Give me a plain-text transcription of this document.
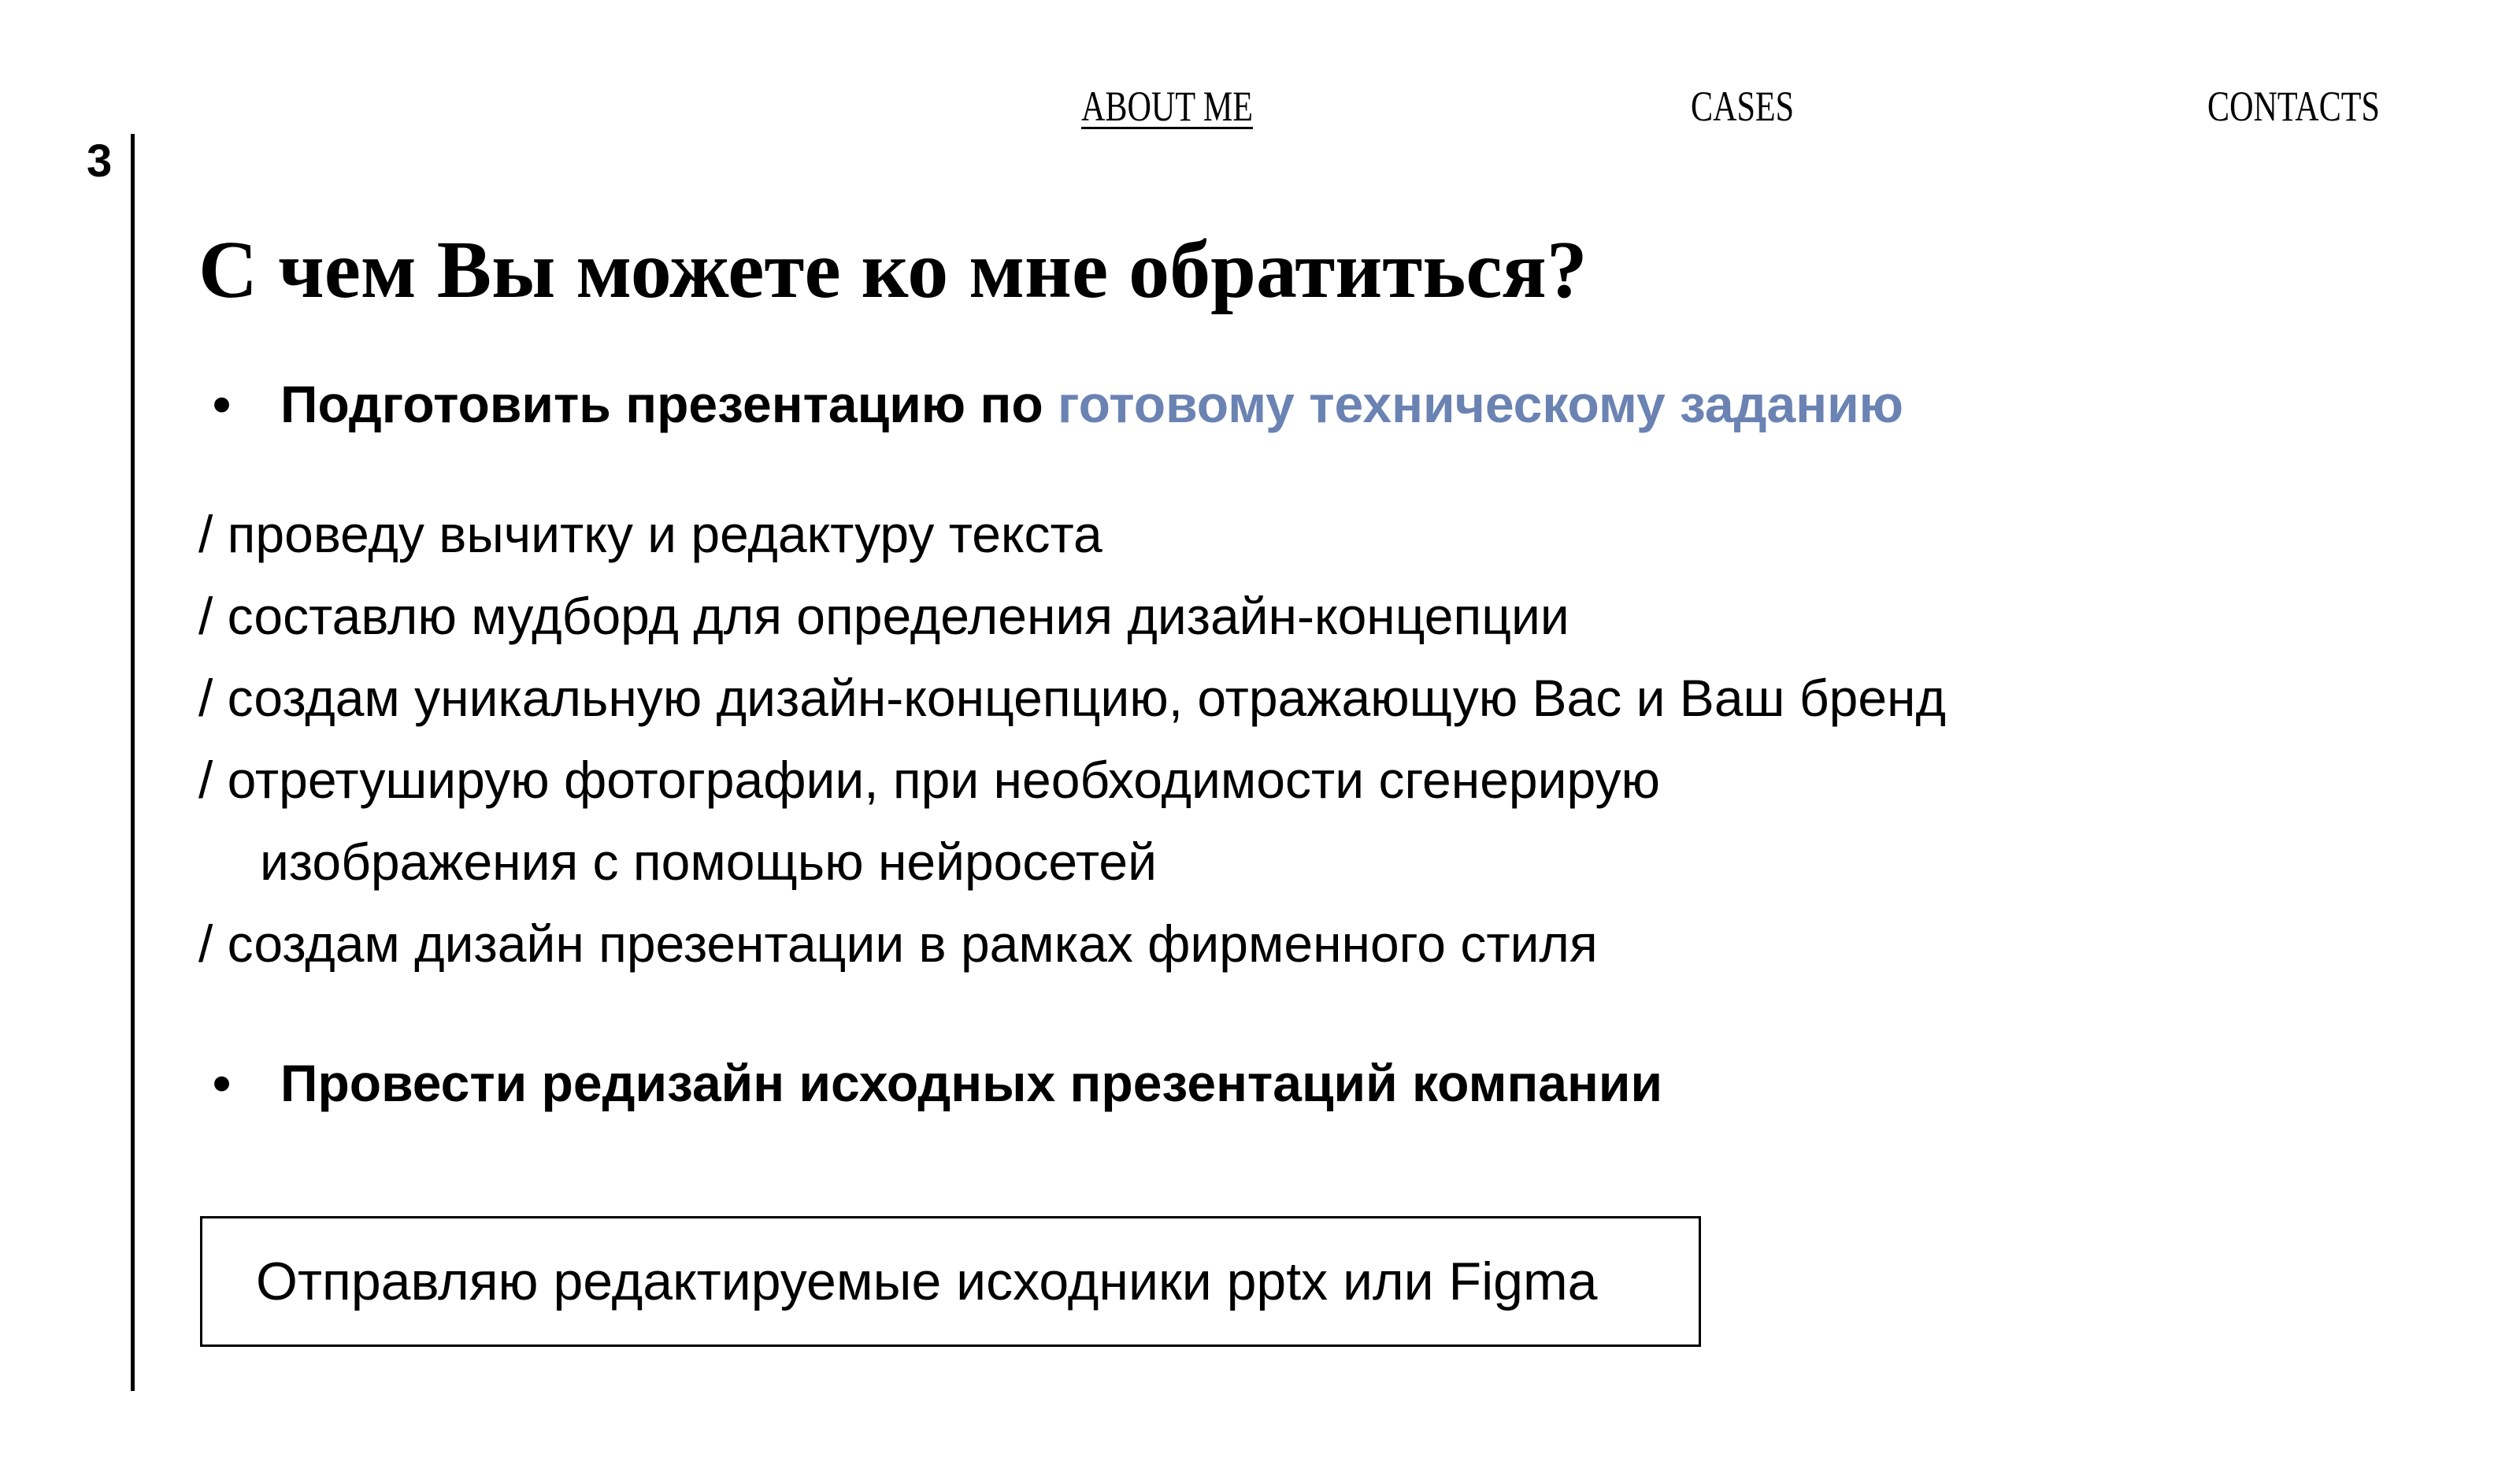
3
ABOUT ME	CASES	CONTACTS
С чем Вы можете ко мне обратиться?
• Подготовить презентацию по готовому техническому заданию
/ проведу вычитку и редактуру текста
/ составлю мудборд для определения дизайн-концепции
/ создам уникальную дизайн-концепцию, отражающую Вас и Ваш бренд
/ отретуширую фотографии, при необходимости сгенерирую
изображения с помощью нейросетей
/ создам дизайн презентации в рамках фирменного стиля
• Провести редизайн исходных презентаций компании
Отправляю редактируемые исходники pptx или Figma
